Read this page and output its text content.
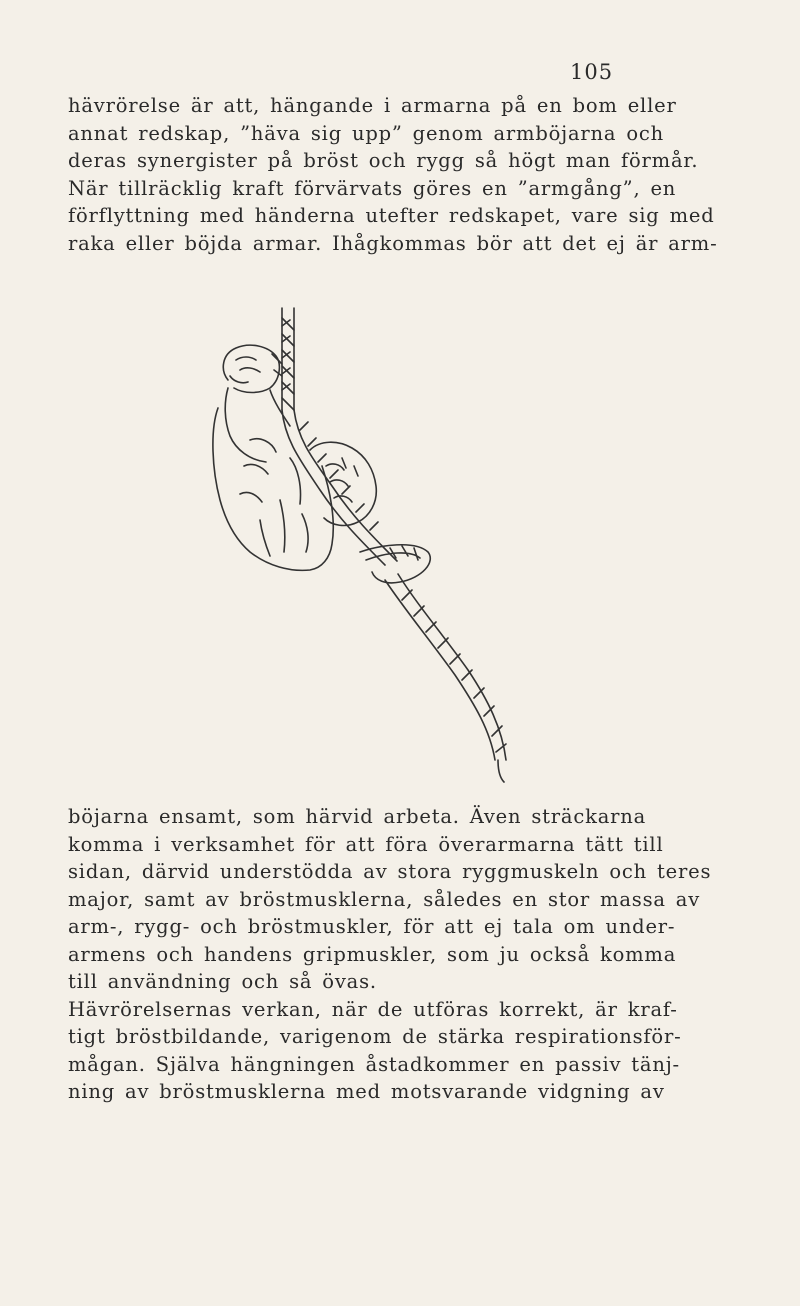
105

hävrörelse är att, hängande i armarna på en bom eller
annat redskap, ”häva sig upp” genom armböjarna och
deras synergister på bröst och rygg så högt man förmår.
När tillräcklig kraft förvärvats göres en ”armgång”, en
förflyttning med händerna utefter redskapet, vare sig med
raka eller böjda armar. Ihågkommas bör att det ej är arm-

böjarna ensamt, som härvid arbeta. Även sträckarna
komma i verksamhet för att föra överarmarna tätt till
sidan, därvid understödda av stora ryggmuskeln och teres
major, samt av bröstmusklerna, således en stor massa av
arm-, rygg- och bröstmuskler, för att ej tala om under-
armens och handens gripmuskler, som ju också komma
till användning och så övas.
Hävrörelsernas verkan, när de utföras korrekt, är kraf-
tigt bröstbildande, varigenom de stärka respirationsför-
mågan. Själva hängningen åstadkommer en passiv tänj-
ning av bröstmusklerna med motsvarande vidgning av
